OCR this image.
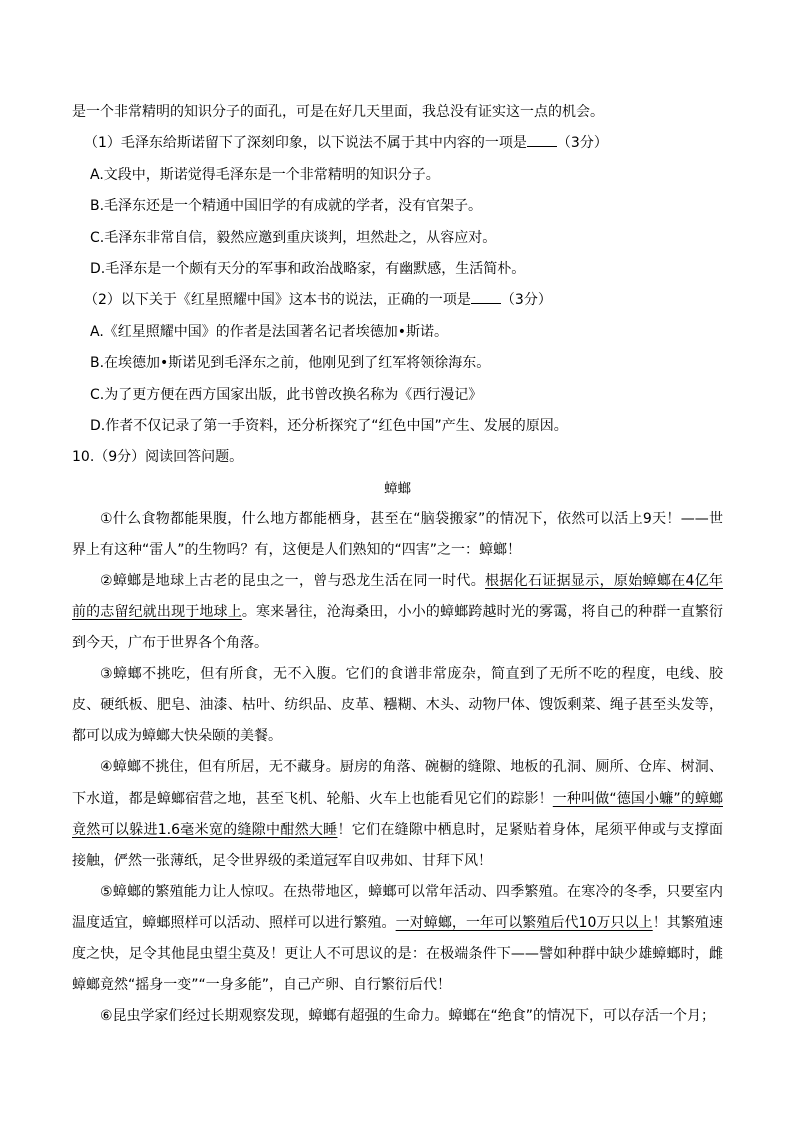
是一个非常精明的知识分子的面孔，可是在好几天里面，我总没有证实这一点的机会。
（1）毛泽东给斯诺留下了深刻印象，以下说法不属于其中内容的一项是 （3分）
A.文段中，斯诺觉得毛泽东是一个非常精明的知识分子。
B.毛泽东还是一个精通中国旧学的有成就的学者，没有官架子。
C.毛泽东非常自信，毅然应邀到重庆谈判，坦然赴之，从容应对。
D.毛泽东是一个颇有天分的军事和政治战略家，有幽默感，生活简朴。
（2）以下关于《红星照耀中国》这本书的说法，正确的一项是 （3分）
A.《红星照耀中国》的作者是法国著名记者埃德加•斯诺。
B.在埃德加•斯诺见到毛泽东之前，他刚见到了红军将领徐海东。
C.为了更方便在西方国家出版，此书曾改换名称为《西行漫记》
D.作者不仅记录了第一手资料，还分析探究了“红色中国”产生、发展的原因。
10.（9分）阅读回答问题。
蟑螂
①什么食物都能果腹，什么地方都能栖身，甚至在“脑袋搬家”的情况下，依然可以活上9天！——世界上有这种“雷人”的生物吗？有，这便是人们熟知的“四害”之一：蟑螂！
②蟑螂是地球上古老的昆虫之一，曾与恐龙生活在同一时代。根据化石证据显示，原始蟑螂在4亿年前的志留纪就出现于地球上。寒来暑往，沧海桑田，小小的蟑螂跨越时光的雾霭，将自己的种群一直繁衍到今天，广布于世界各个角落。
③蟑螂不挑吃，但有所食，无不入腹。它们的食谱非常庞杂，简直到了无所不吃的程度，电线、胶皮、硬纸板、肥皂、油漆、枯叶、纺织品、皮革、糨糊、木头、动物尸体、馊饭剩菜、绳子甚至头发等，都可以成为蟑螂大快朵颐的美餐。
④蟑螂不挑住，但有所居，无不藏身。厨房的角落、碗橱的缝隙、地板的孔洞、厕所、仓库、树洞、下水道，都是蟑螂宿营之地，甚至飞机、轮船、火车上也能看见它们的踪影！一种叫做“德国小蠊”的蟑螂竟然可以躲进1.6毫米宽的缝隙中酣然大睡！它们在缝隙中栖息时，足紧贴着身体，尾须平伸或与支撑面接触，俨然一张薄纸，足令世界级的柔道冠军自叹弗如、甘拜下风！
⑤蟑螂的繁殖能力让人惊叹。在热带地区，蟑螂可以常年活动、四季繁殖。在寒冷的冬季，只要室内温度适宜，蟑螂照样可以活动、照样可以进行繁殖。一对蟑螂，一年可以繁殖后代10万只以上！其繁殖速度之快，足令其他昆虫望尘莫及！更让人不可思议的是：在极端条件下——譬如种群中缺少雄蟑螂时，雌蟑螂竟然“摇身一变”“一身多能”，自己产卵、自行繁衍后代！
⑥昆虫学家们经过长期观察发现，蟑螂有超强的生命力。蟑螂在“绝食”的情况下，可以存活一个月；
